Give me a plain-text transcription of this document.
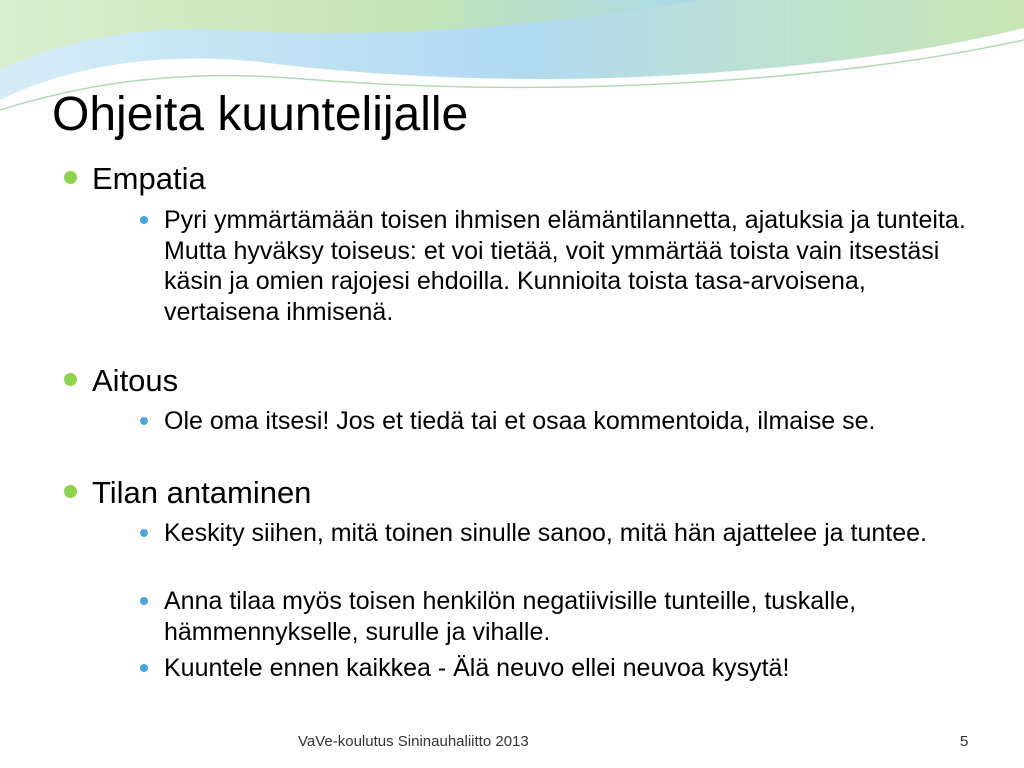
Ohjeita kuuntelijalle
Empatia
Pyri ymmärtämään toisen ihmisen elämäntilannetta, ajatuksia ja tunteita. Mutta hyväksy toiseus: et voi tietää, voit ymmärtää toista vain itsestäsi käsin ja omien rajojesi ehdoilla. Kunnioita toista tasa-arvoisena, vertaisena ihmisenä.
Aitous
Ole oma itsesi! Jos et tiedä tai et osaa kommentoida, ilmaise se.
Tilan antaminen
Keskity siihen, mitä toinen sinulle sanoo, mitä hän ajattelee ja tuntee.
Anna tilaa myös toisen henkilön negatiivisille tunteille, tuskalle, hämmennykselle, surulle ja vihalle.
Kuuntele ennen kaikkea - Älä neuvo ellei neuvoa kysytä!
VaVe-koulutus Sininauhaliitto 2013	5
